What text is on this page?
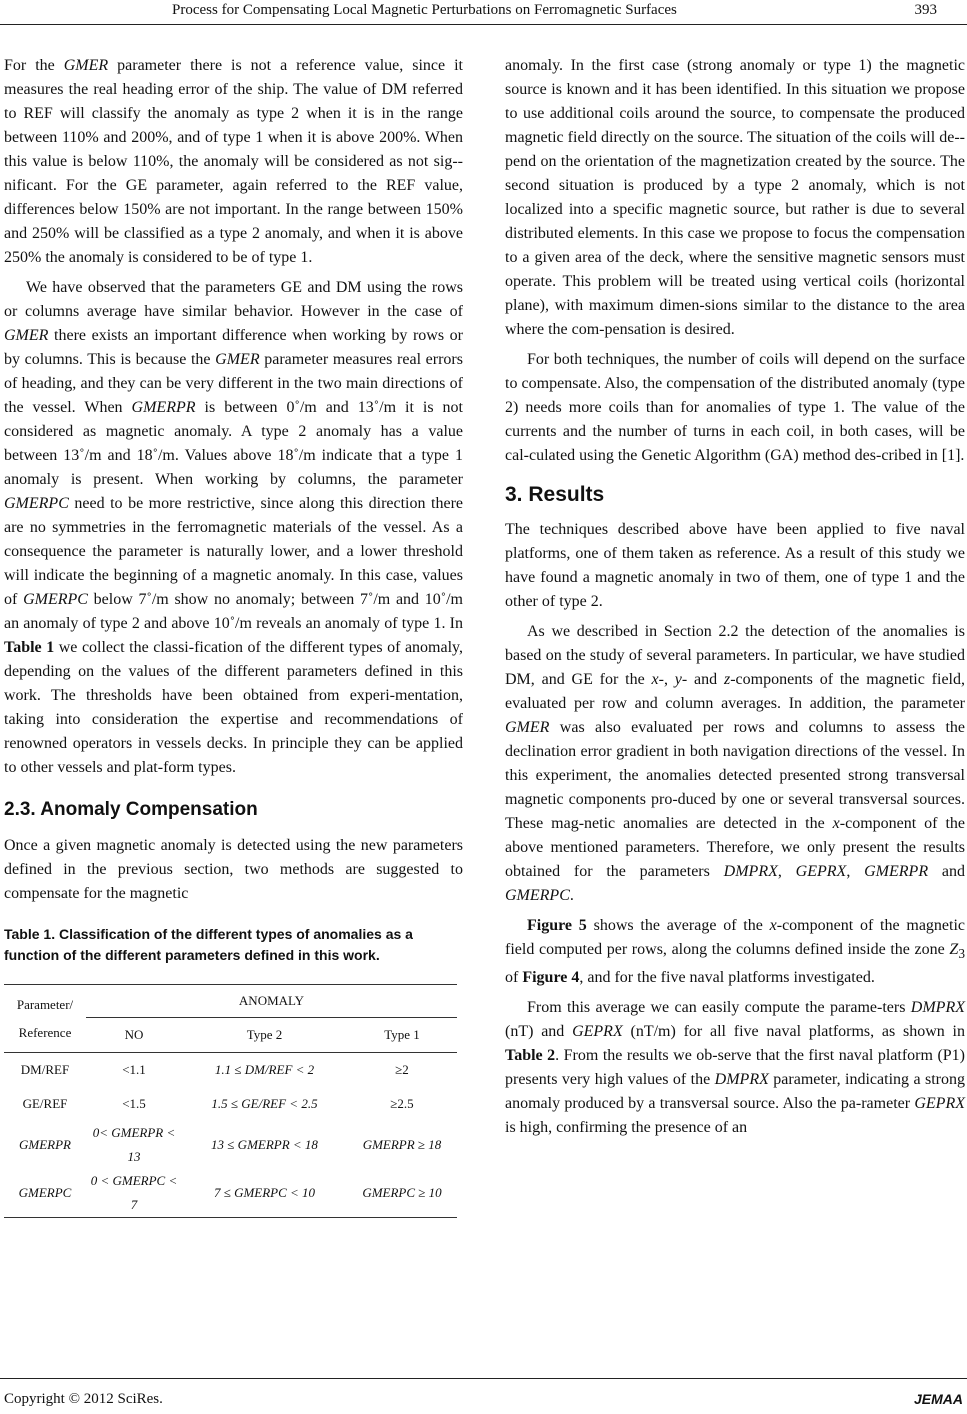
Process for Compensating Local Magnetic Perturbations on Ferromagnetic Surfaces	393

For the GMER parameter there is not a reference value, since it measures the real heading error of the ship. The value of DM referred to REF will classify the anomaly as type 2 when it is in the range between 110% and 200%, and of type 1 when it is above 200%. When this value is below 110%, the anomaly will be considered as not sig-nificant. For the GE parameter, again referred to the REF value, differences below 150% are not important. In the range between 150% and 250% will be classified as a type 2 anomaly, and when it is above 250% the anomaly is considered to be of type 1.

We have observed that the parameters GE and DM using the rows or columns average have similar behavior. However in the case of GMER there exists an important difference when working by rows or by columns. This is because the GMER parameter measures real errors of heading, and they can be very different in the two main directions of the vessel. When GMERPR is between 0˚/m and 13˚/m it is not considered as magnetic anomaly. A type 2 anomaly has a value between 13˚/m and 18˚/m. Values above 18˚/m indicate that a type 1 anomaly is present. When working by columns, the parameter GMERPC need to be more restrictive, since along this direction there are no symmetries in the ferromagnetic materials of the vessel. As a consequence the parameter is naturally lower, and a lower threshold will indicate the beginning of a magnetic anomaly. In this case, values of GMERPC below 7˚/m show no anomaly; between 7˚/m and 10˚/m an anomaly of type 2 and above 10˚/m reveals an anomaly of type 1. In Table 1 we collect the classi-fication of the different types of anomaly, depending on the values of the different parameters defined in this work. The thresholds have been obtained from experi-mentation, taking into consideration the expertise and recommendations of renowned operators in vessels decks. In principle they can be applied to other vessels and plat-form types.

2.3. Anomaly Compensation

Once a given magnetic anomaly is detected using the new parameters defined in the previous section, two methods are suggested to compensate for the magnetic

Table 1. Classification of the different types of anomalies as a function of the different parameters defined in this work.
Parameter/
Reference	ANOMALY		
	NO	Type 2	Type 1
DM/REF	<1.1	1.1 ≤ DM/REF < 2	≥2
GE/REF	<1.5	1.5 ≤ GE/REF < 2.5	≥2.5
GMERPR	0< GMERPR < 13	13 ≤ GMERPR < 18	GMERPR ≥ 18
GMERPC	0 < GMERPC < 7	7 ≤ GMERPC < 10	GMERPC ≥ 10

anomaly. In the first case (strong anomaly or type 1) the magnetic source is known and it has been identified. In this situation we propose to use additional coils around the source, to compensate the produced magnetic field directly on the source. The situation of the coils will de-pend on the orientation of the magnetization created by the source. The second situation is produced by a type 2 anomaly, which is not localized into a specific magnetic source, but rather is due to several distributed elements. In this case we propose to focus the compensation to a given area of the deck, where the sensitive magnetic sensors must operate. This problem will be treated using vertical coils (horizontal plane), with maximum dimen-sions similar to the distance to the area where the com-pensation is desired.

For both techniques, the number of coils will depend on the surface to compensate. Also, the compensation of the distributed anomaly (type 2) needs more coils than for anomalies of type 1. The value of the currents and the number of turns in each coil, in both cases, will be cal-culated using the Genetic Algorithm (GA) method des-cribed in [1].

3. Results

The techniques described above have been applied to five naval platforms, one of them taken as reference. As a result of this study we have found a magnetic anomaly in two of them, one of type 1 and the other of type 2.

As we described in Section 2.2 the detection of the anomalies is based on the study of several parameters. In particular, we have studied DM, and GE for the x-, y- and z-components of the magnetic field, evaluated per row and column averages. In addition, the parameter GMER was also evaluated per rows and columns to assess the declination error gradient in both navigation directions of the vessel. In this experiment, the anomalies detected presented strong transversal magnetic components pro-duced by one or several transversal sources. These mag-netic anomalies are detected in the x-component of the above mentioned parameters. Therefore, we only present the results obtained for the parameters DMPRX, GEPRX, GMERPR and GMERPC.

Figure 5 shows the average of the x-component of the magnetic field computed per rows, along the columns defined inside the zone $Z_3$ of Figure 4, and for the five naval platforms investigated.

From this average we can easily compute the parame-ters DMPRX (nT) and GEPRX (nT/m) for all five naval platforms, as shown in Table 2. From the results we ob-serve that the first naval platform (P1) presents very high values of the DMPRX parameter, indicating a strong anomaly produced by a transversal source. Also the pa-rameter GEPRX is high, confirming the presence of an

Copyright © 2012 SciRes.	JEMAA
